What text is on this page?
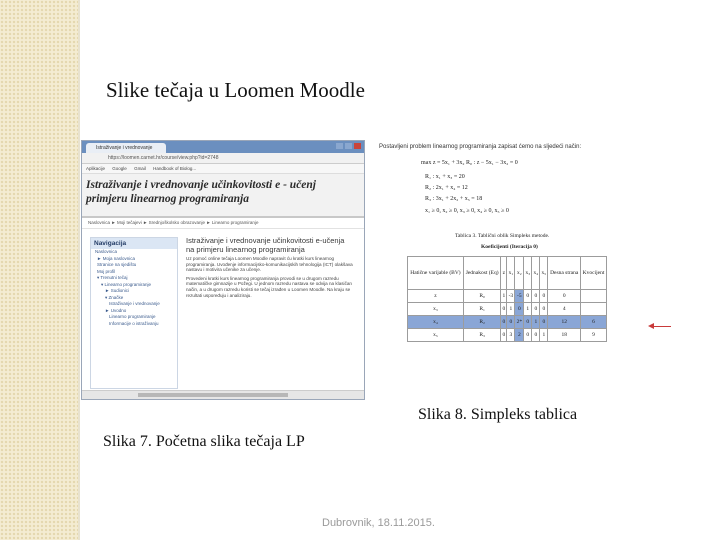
Slike tečaja u Loomen Moodle
Istraživanje i vrednovanje
https://loomen.carnet.hr/course/view.php?id=2748
Aplikacije Google Gmail Handbook of Biolog...
Istraživanje i vrednovanje učinkovitosti e - učenj primjeru linearnog programiranja
Naslovnica ► Moji tečajevi ► Srednjoškolsko obrazovanje ► Linearno programiranje
Navigacija
Naslovnica
► Moja naslovnica
Stranice na sjedištu
Moj profil
▾ Trenutni tečaj
▾ Linearno programiranje
► Sudionici
▾ Značke
Istraživanje i vrednovanje
► Uvodno
Linearno programiranje
Informacije o istraživanju
Istraživanje i vrednovanje učinkovitosti e-učenja na primjeru linearnog programiranja
Uz pomoć online tečaja Loomen Moodle napravit ću kratki kurs linearnog programiranja. Uvođenje informacijsko-komunikacijskih tehnologija (ICT) olakšava nastavu i motivira učenike za učenje.
Provedeni kratki kurs linearnog programiranja provodi se u drugom razredu matematičke gimnazije u Požegi. U jednom razredu nastava se odvija na klasičan način, a u drugom razredu koristi se tečaj izrađen u Loomen Moodle. Na kraju se rezultati uspoređuju i analiziraju.
Postavljeni problem linearnog programiranja zapisat ćemo na sljedeći način:
max z = 5x₁ + 3x₂ R₀ : z − 5x₁ − 3x₂ = 0
R₁ : x₁ + x₃ = 20
R₂ : 2x₁ + x₄ = 12
R₃ : 3x₁ + 2x₂ + x₅ = 18
x₁ ≥ 0, x₂ ≥ 0, x₃ ≥ 0, x₄ ≥ 0, x₅ ≥ 0
Tablica 3. Tablični oblik Simpleks metode.
Koeficijenti (Iteracija 0)
Hatične varijable (BV)	Jednakost (Eq)	z	x₁	x₂	x₃	x₄	x₅	Desna strana	Kvocijent
z	R₀	1	-3	-5	0	0	0	0	
x₃	R₁	0	1	0	1	0	0	4	
x₄	R₂	0	0	2*	0	1	0	12	6
x₅	R₃	0	3	2	0	0	1	18	9
Slika 8. Simpleks tablica
Slika 7. Početna slika tečaja LP
Dubrovnik, 18.11.2015.
